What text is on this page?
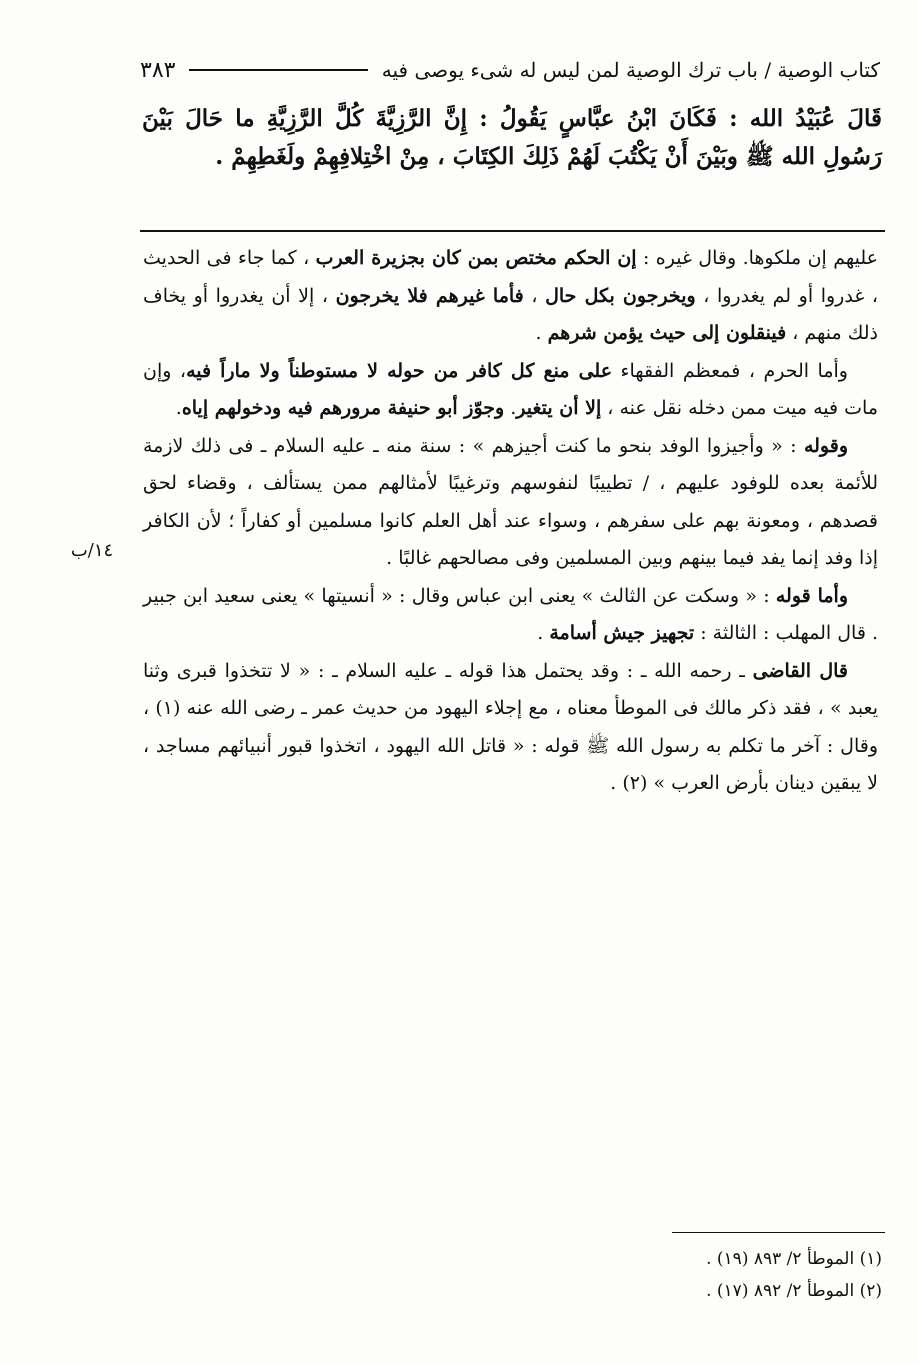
كتاب الوصية / باب ترك الوصية لمن ليس له شىء يوصى فيه
٣٨٣
قَالَ عُبَيْدُ الله : فَكَانَ ابْنُ عبَّاسٍ يَقُولُ : إِنَّ الرَّزِيَّةَ كُلَّ الرَّزِيَّةِ ما حَالَ بَيْنَ رَسُولِ الله ﷺ وبَيْنَ أَنْ يَكْتُبَ لَهُمْ ذَلِكَ الكِتَابَ ، مِنْ اخْتِلافِهِمْ ولَغَطِهِمْ .

عليهم إن ملكوها. وقال غيره : إن الحكم مختص بمن كان بجزيرة العرب ، كما جاء فى الحديث ، غدروا أو لم يغدروا ، ويخرجون بكل حال ، فأما غيرهم فلا يخرجون ، إلا أن يغدروا أو يخاف ذلك منهم ، فينقلون إلى حيث يؤمن شرهم .

وأما الحرم ، فمعظم الفقهاء على منع كل كافر من حوله لا مستوطناً ولا ماراً فيه، وإن مات فيه ميت ممن دخله نقل عنه ، إلا أن يتغير. وجوّز أبو حنيفة مرورهم فيه ودخولهم إياه.

وقوله : « وأجيزوا الوفد بنحو ما كنت أجيزهم » : سنة منه ـ عليه السلام ـ فى ذلك لازمة للأئمة بعده للوفود عليهم ، / تطييبًا لنفوسهم وترغيبًا لأمثالهم ممن يستألف ، وقضاء لحق قصدهم ، ومعونة بهم على سفرهم ، وسواء عند أهل العلم كانوا مسلمين أو كفاراً ؛ لأن الكافر إذا وفد إنما يفد فيما بينهم وبين المسلمين وفى مصالحهم غالبًا .

وأما قوله : « وسكت عن الثالث » يعنى ابن عباس وقال : « أنسيتها » يعنى سعيد ابن جبير . قال المهلب : الثالثة : تجهيز جيش أسامة .

قال القاضى ـ رحمه الله ـ : وقد يحتمل هذا قوله ـ عليه السلام ـ : « لا تتخذوا قبرى وثنا يعبد » ، فقد ذكر مالك فى الموطأ معناه ، مع إجلاء اليهود من حديث عمر ـ رضى الله عنه (١) ، وقال : آخر ما تكلم به رسول الله ﷺ قوله : « قاتل الله اليهود ، اتخذوا قبور أنبيائهم مساجد ، لا يبقين دينان بأرض العرب » (٢) .

١٤/ب
(١) الموطأ ٢/ ٨٩٣ (١٩) .
(٢) الموطأ ٢/ ٨٩٢ (١٧) .
